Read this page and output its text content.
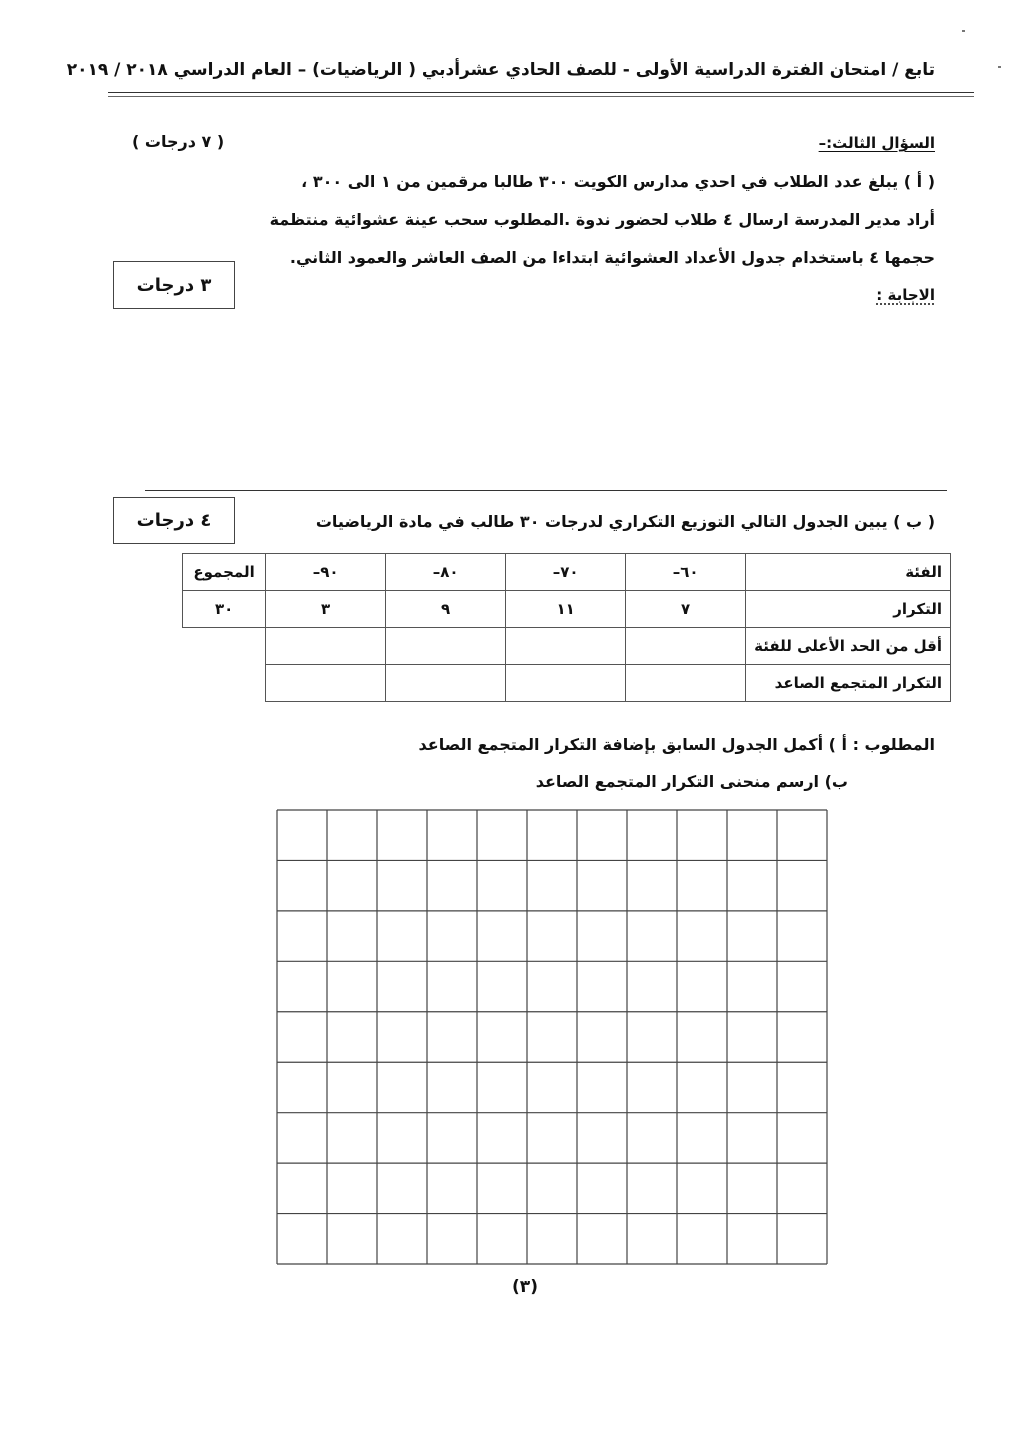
تابع / امتحان الفترة الدراسية الأولى - للصف الحادي عشرأدبي ( الرياضيات) – العام الدراسي ٢٠١٨ / ٢٠١٩
السؤال الثالث:–
( ٧ درجات )
( أ ) يبلغ عدد الطلاب في احدي مدارس الكويت ٣٠٠ طالبا مرقمين من ١ الى ٣٠٠ ،
أراد مدير المدرسة ارسال ٤ طلاب لحضور ندوة .المطلوب سحب عينة عشوائية منتظمة
حجمها ٤ باستخدام جدول الأعداد العشوائية ابتداءا من الصف العاشر والعمود الثاني.
الاجابة :
٣ درجات
( ب ) يبين الجدول التالي التوزيع التكراري لدرجات ٣٠ طالب في مادة الرياضيات
٤ درجات
الفئة	٦٠–	٧٠–	٨٠–	٩٠–	المجموع
التكرار	٧	١١	٩	٣	٣٠
أقل من الحد الأعلى للفئة					
التكرار المتجمع الصاعد					
المطلوب : أ ) أكمل الجدول السابق بإضافة التكرار المتجمع الصاعد
ب) ارسم منحنى التكرار المتجمع الصاعد
(٣)
